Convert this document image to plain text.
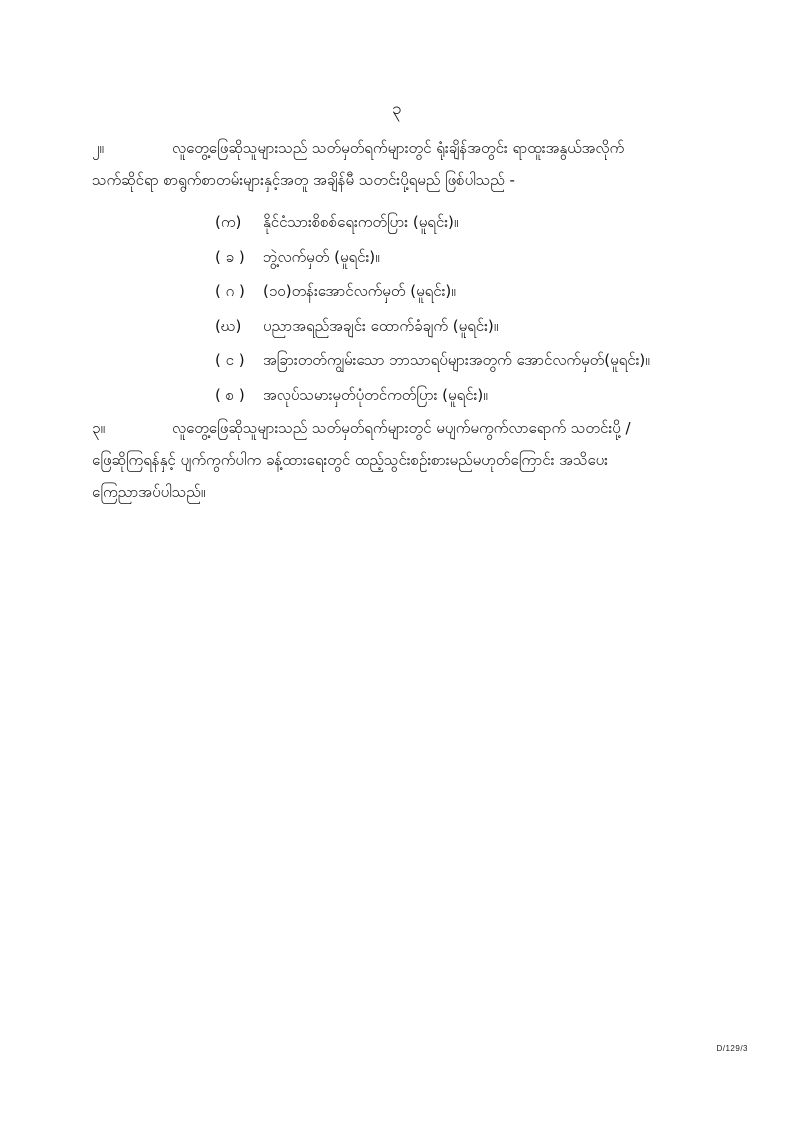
၃
၂။	လူတွေ့ဖြေဆိုသူများသည် သတ်မှတ်ရက်များတွင် ရုံးချိန်အတွင်း ရာထူးအနွယ်အလိုက်
သက်ဆိုင်ရာ စာရွက်စာတမ်းများနှင့်အတူ အချိန်မီ သတင်းပို့ရမည် ဖြစ်ပါသည် -
(က) နိုင်ငံသားစိစစ်ရေးကတ်ပြား (မူရင်း)။
( ခ ) ဘွဲ့လက်မှတ် (မူရင်း)။
( ဂ ) (၁၀)တန်းအောင်လက်မှတ် (မူရင်း)။
(ဃ) ပညာအရည်အချင်း ထောက်ခံချက် (မူရင်း)။
( င ) အခြားတတ်ကျွမ်းသော ဘာသာရပ်များအတွက် အောင်လက်မှတ်(မူရင်း)။
( စ ) အလုပ်သမားမှတ်ပုံတင်ကတ်ပြား (မူရင်း)။
၃။	လူတွေ့ဖြေဆိုသူများသည် သတ်မှတ်ရက်များတွင် မပျက်မကွက်လာရောက် သတင်းပို့ /
ဖြေဆိုကြရန်နှင့် ပျက်ကွက်ပါက ခန့်ထားရေးတွင် ထည့်သွင်းစဥ်းစားမည်မဟုတ်ကြောင်း အသိပေး
ကြေညာအပ်ပါသည်။
D/129/3
